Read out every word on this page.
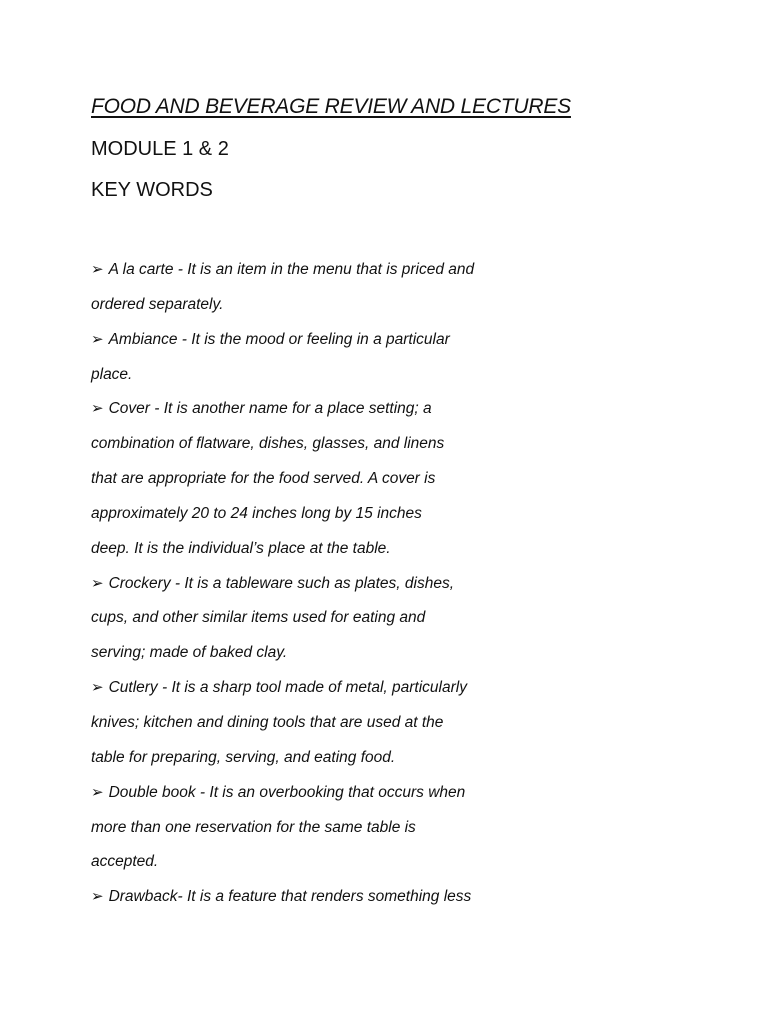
FOOD AND BEVERAGE REVIEW AND LECTURES
MODULE 1 & 2
KEY WORDS
➢ A la carte - It is an item in the menu that is priced and
ordered separately.
➢ Ambiance - It is the mood or feeling in a particular
place.
➢ Cover - It is another name for a place setting; a
combination of flatware, dishes, glasses, and linens
that are appropriate for the food served. A cover is
approximately 20 to 24 inches long by 15 inches
deep. It is the individual’s place at the table.
➢ Crockery - It is a tableware such as plates, dishes,
cups, and other similar items used for eating and
serving; made of baked clay.
➢ Cutlery - It is a sharp tool made of metal, particularly
knives; kitchen and dining tools that are used at the
table for preparing, serving, and eating food.
➢ Double book - It is an overbooking that occurs when
more than one reservation for the same table is
accepted.
➢ Drawback- It is a feature that renders something less
